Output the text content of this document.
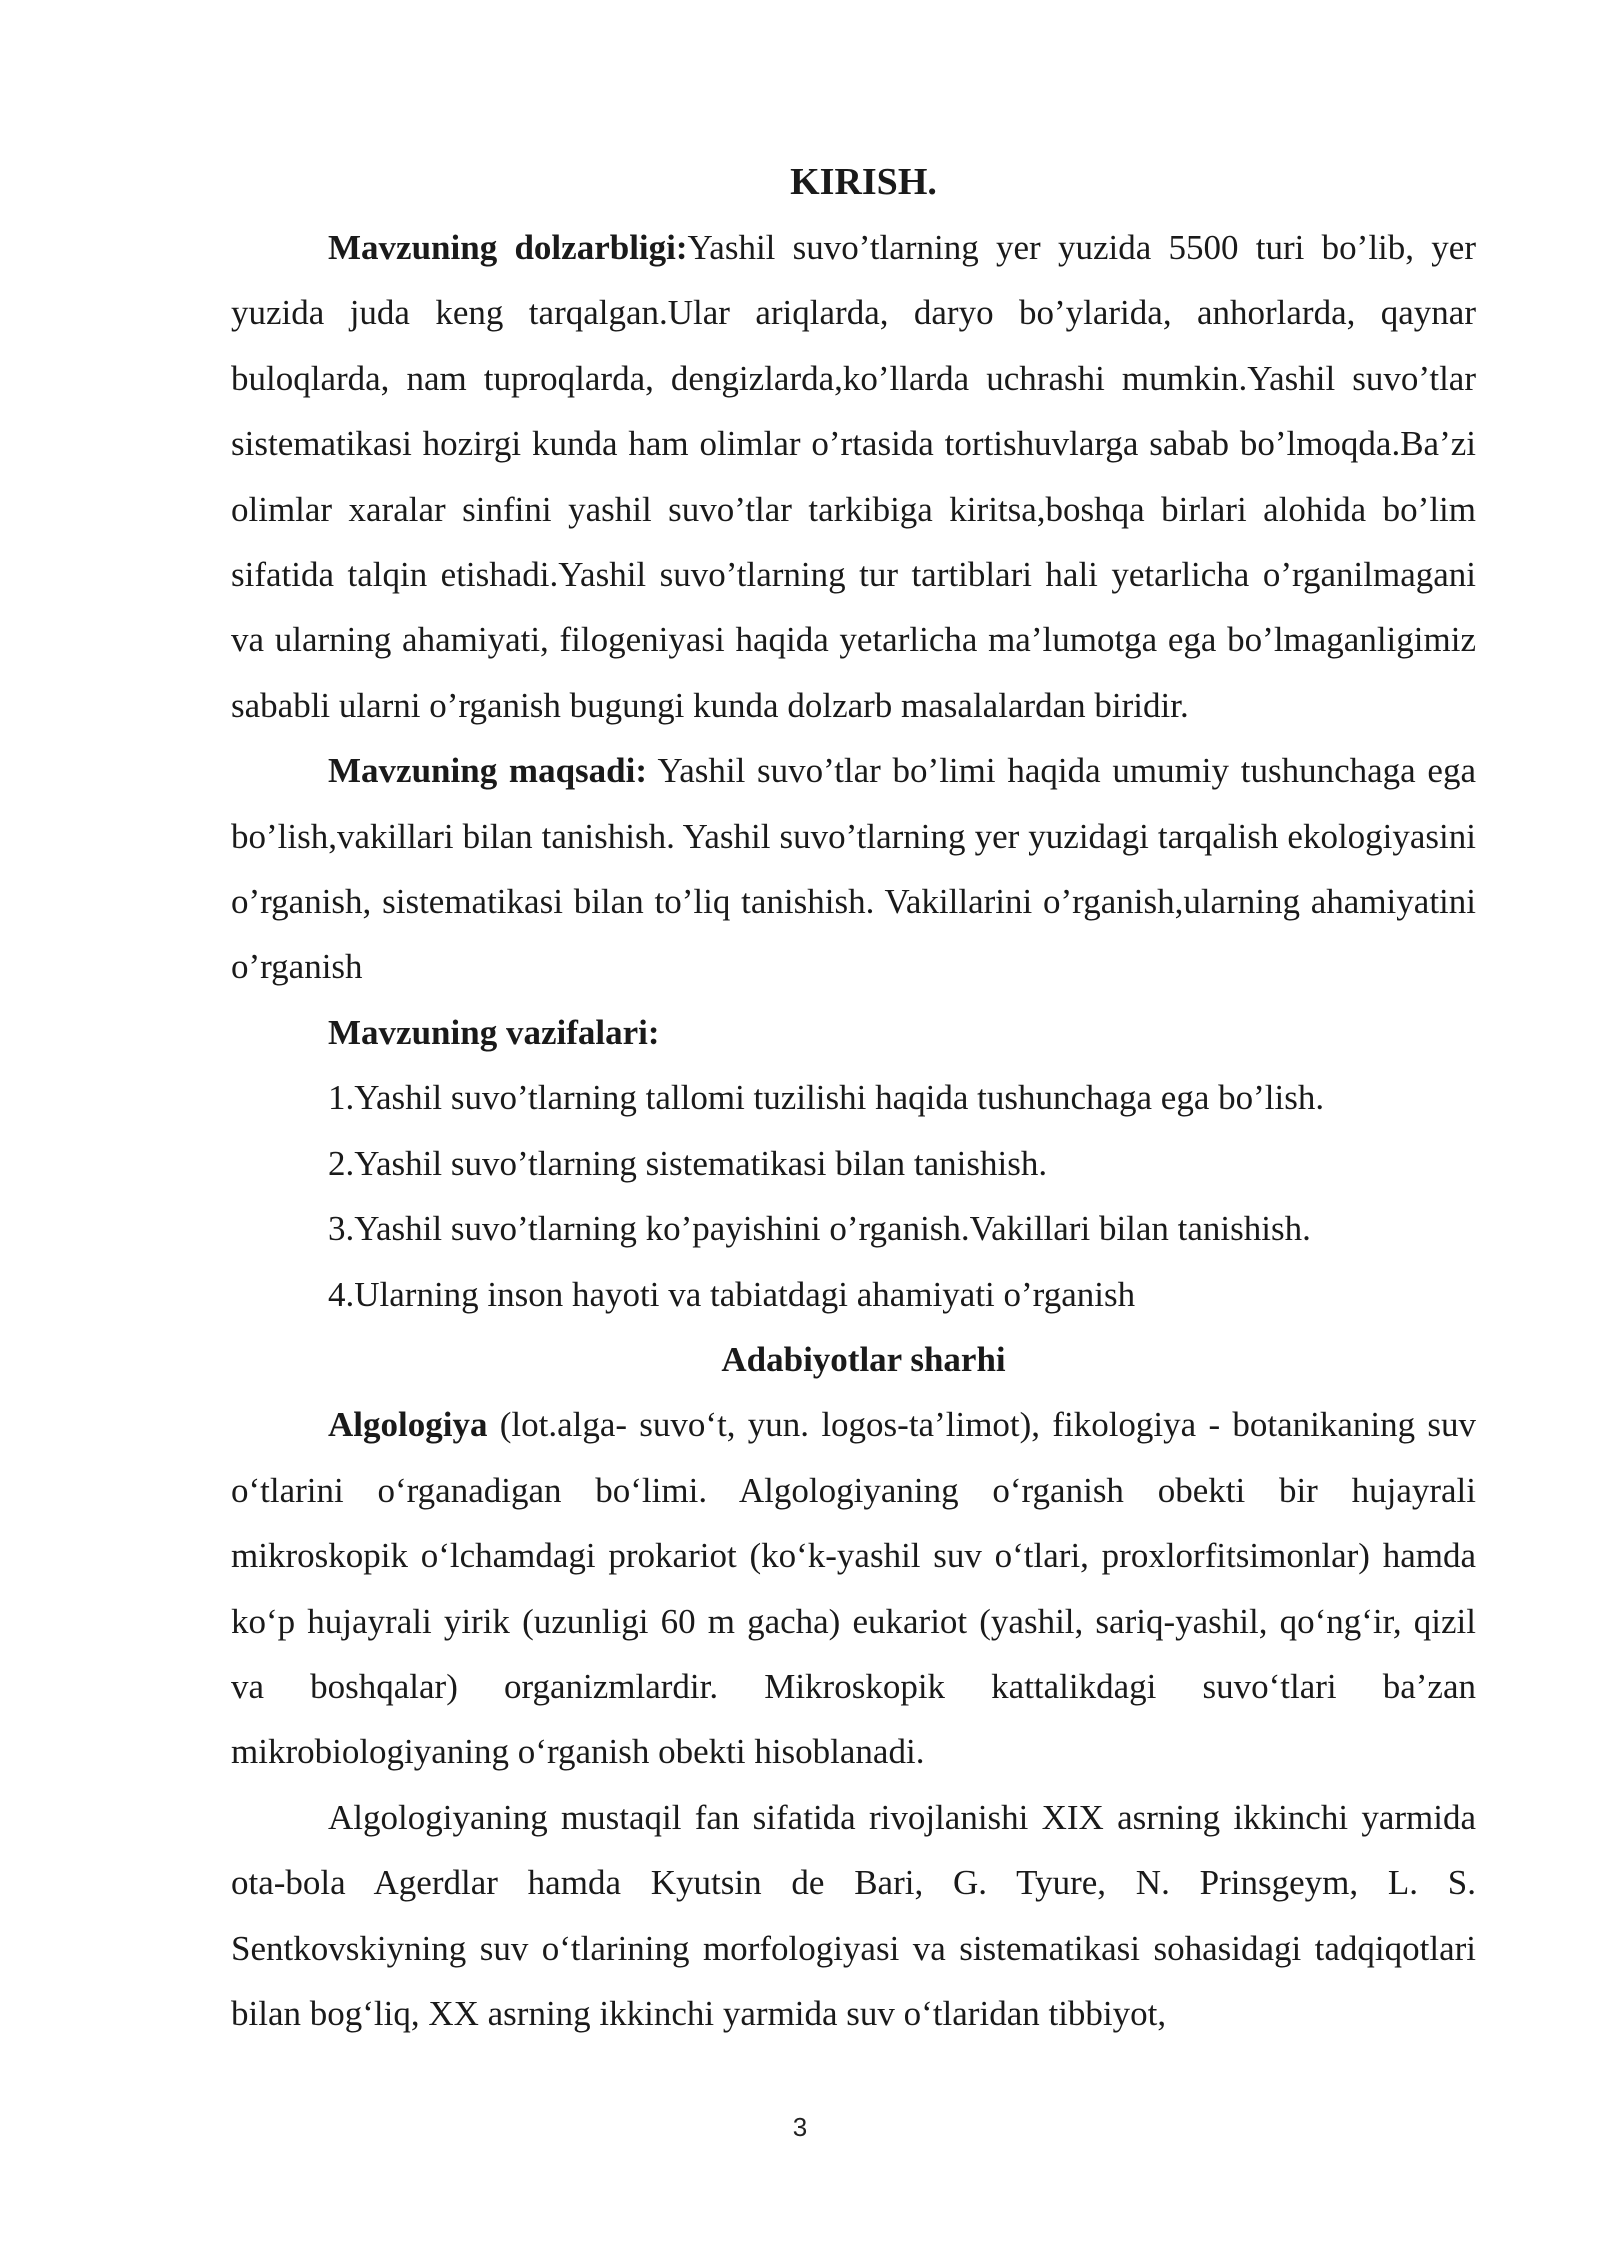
KIRISH.

Mavzuning dolzarbligi:Yashil suvo’tlarning yer yuzida 5500 turi bo’lib, yer yuzida juda keng tarqalgan.Ular ariqlarda, daryo bo’ylarida, anhorlarda, qaynar buloqlarda, nam tuproqlarda, dengizlarda,ko’llarda uchrashi mumkin.Yashil suvo’tlar sistematikasi hozirgi kunda ham olimlar o’rtasida tortishuvlarga sabab bo’lmoqda.Ba’zi olimlar xaralar sinfini yashil suvo’tlar tarkibiga kiritsa,boshqa birlari alohida bo’lim sifatida talqin etishadi.Yashil suvo’tlarning tur tartiblari hali yetarlicha o’rganilmagani va ularning ahamiyati, filogeniyasi haqida yetarlicha ma’lumotga ega bo’lmaganligimiz sababli ularni o’rganish bugungi kunda dolzarb masalalardan biridir.

Mavzuning maqsadi: Yashil suvo’tlar bo’limi haqida umumiy tushunchaga ega bo’lish,vakillari bilan tanishish. Yashil suvo’tlarning yer yuzidagi tarqalish ekologiyasini o’rganish, sistematikasi bilan to’liq tanishish. Vakillarini o’rganish,ularning ahamiyatini o’rganish

Mavzuning vazifalari:

1.Yashil suvo’tlarning tallomi tuzilishi haqida tushunchaga ega bo’lish.

2.Yashil suvo’tlarning sistematikasi bilan tanishish.

3.Yashil suvo’tlarning ko’payishini o’rganish.Vakillari bilan tanishish.

4.Ularning inson hayoti va tabiatdagi ahamiyati o’rganish

Adabiyotlar sharhi

Algologiya (lot.alga- suvo‘t, yun. logos-ta’limot), fikologiya - botanikaning suv o‘tlarini o‘rganadigan bo‘limi. Algologiyaning o‘rganish obekti bir hujayrali mikroskopik o‘lchamdagi prokariot (ko‘k-yashil suv o‘tlari, proxlorfitsimonlar) hamda ko‘p hujayrali yirik (uzunligi 60 m gacha) eukariot (yashil, sariq-yashil, qo‘ng‘ir, qizil va boshqalar) organizmlardir. Mikroskopik kattalikdagi suvo‘tlari ba’zan mikrobiologiyaning o‘rganish obekti hisoblanadi.

Algologiyaning mustaqil fan sifatida rivojlanishi XIX asrning ikkinchi yarmida ota-bola Agerdlar hamda Kyutsin de Bari, G. Tyure, N. Prinsgeym, L. S. Sentkovskiyning suv o‘tlarining morfologiyasi va sistematikasi sohasidagi tadqiqotlari bilan bog‘liq, XX asrning ikkinchi yarmida suv o‘tlaridan tibbiyot,

3
